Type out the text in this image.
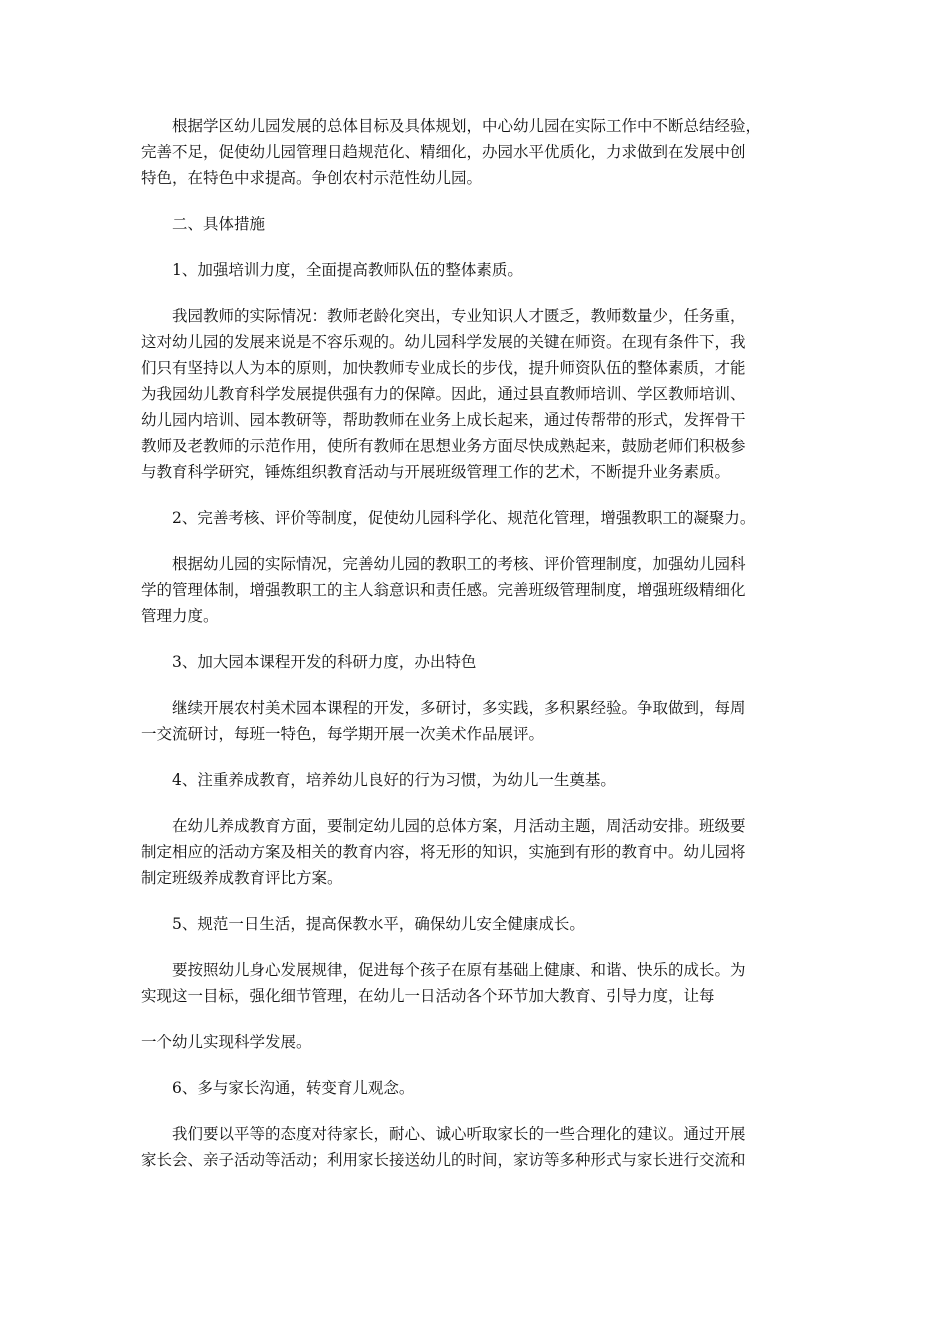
根据学区幼儿园发展的总体目标及具体规划，中心幼儿园在实际工作中不断总结经验，
完善不足，促使幼儿园管理日趋规范化、精细化，办园水平优质化，力求做到在发展中创
特色，在特色中求提高。争创农村示范性幼儿园。

二、具体措施

1、加强培训力度，全面提高教师队伍的整体素质。

我园教师的实际情况：教师老龄化突出，专业知识人才匮乏，教师数量少，任务重，
这对幼儿园的发展来说是不容乐观的。幼儿园科学发展的关键在师资。在现有条件下，我
们只有坚持以人为本的原则，加快教师专业成长的步伐，提升师资队伍的整体素质，才能
为我园幼儿教育科学发展提供强有力的保障。因此，通过县直教师培训、学区教师培训、
幼儿园内培训、园本教研等，帮助教师在业务上成长起来，通过传帮带的形式，发挥骨干
教师及老教师的示范作用，使所有教师在思想业务方面尽快成熟起来，鼓励老师们积极参
与教育科学研究，锤炼组织教育活动与开展班级管理工作的艺术，不断提升业务素质。

2、完善考核、评价等制度，促使幼儿园科学化、规范化管理，增强教职工的凝聚力。

根据幼儿园的实际情况，完善幼儿园的教职工的考核、评价管理制度，加强幼儿园科
学的管理体制，增强教职工的主人翁意识和责任感。完善班级管理制度，增强班级精细化
管理力度。

3、加大园本课程开发的科研力度，办出特色

继续开展农村美术园本课程的开发，多研讨，多实践，多积累经验。争取做到，每周
一交流研讨，每班一特色，每学期开展一次美术作品展评。

4、注重养成教育，培养幼儿良好的行为习惯，为幼儿一生奠基。

在幼儿养成教育方面，要制定幼儿园的总体方案，月活动主题，周活动安排。班级要
制定相应的活动方案及相关的教育内容，将无形的知识，实施到有形的教育中。幼儿园将
制定班级养成教育评比方案。

5、规范一日生活，提高保教水平，确保幼儿安全健康成长。

要按照幼儿身心发展规律，促进每个孩子在原有基础上健康、和谐、快乐的成长。为
实现这一目标，强化细节管理，在幼儿一日活动各个环节加大教育、引导力度，让每

一个幼儿实现科学发展。

6、多与家长沟通，转变育儿观念。

我们要以平等的态度对待家长，耐心、诚心听取家长的一些合理化的建议。通过开展
家长会、亲子活动等活动；利用家长接送幼儿的时间，家访等多种形式与家长进行交流和
